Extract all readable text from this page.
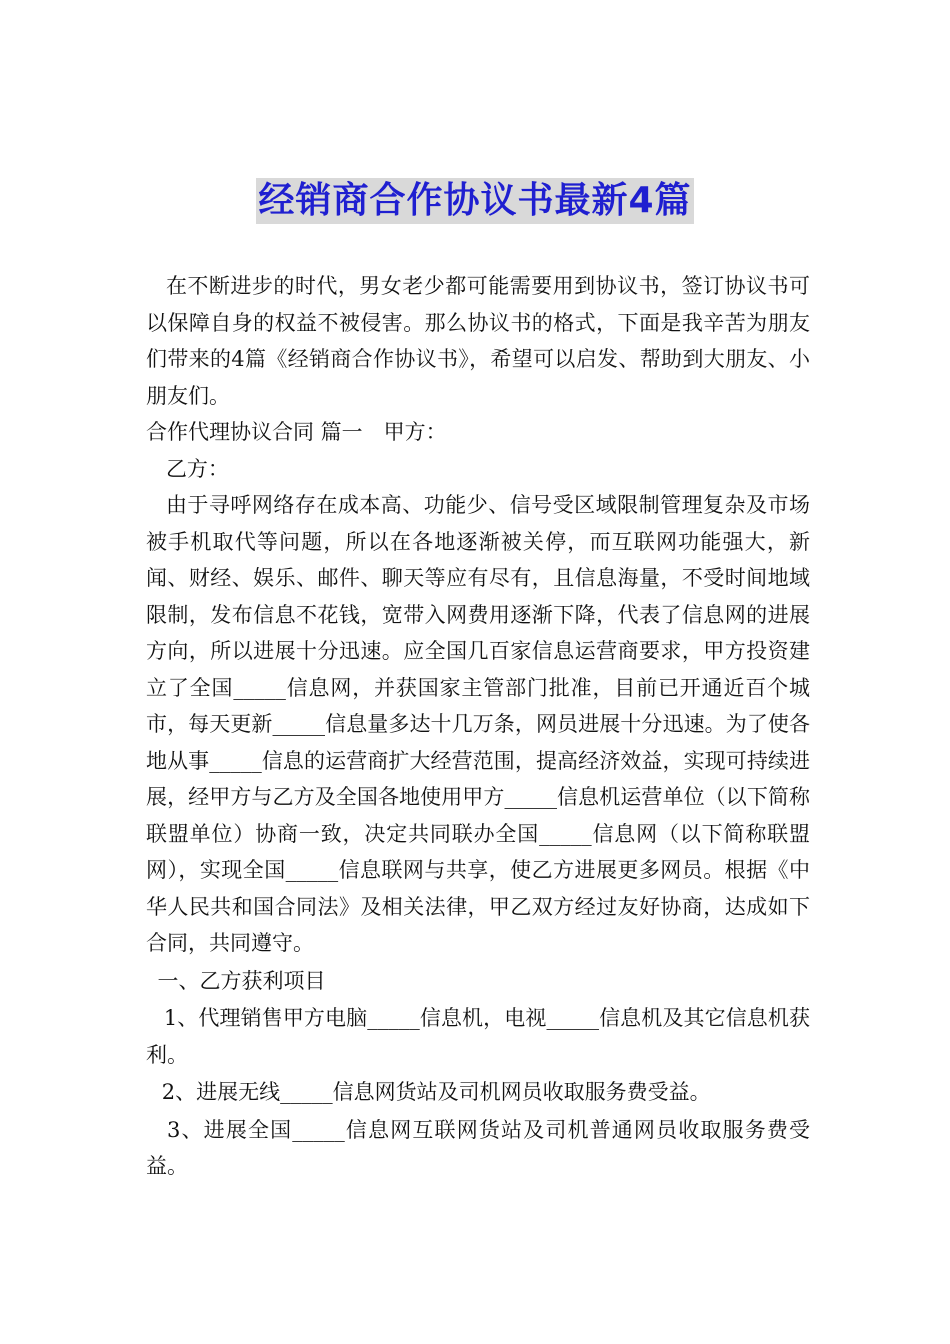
经销商合作协议书最新4篇

在不断进步的时代，男女老少都可能需要用到协议书，签订协议书可以保障自身的权益不被侵害。那么协议书的格式，下面是我辛苦为朋友们带来的4篇《经销商合作协议书》，希望可以启发、帮助到大朋友、小朋友们。

合作代理协议合同 篇一　甲方：

乙方：

由于寻呼网络存在成本高、功能少、信号受区域限制管理复杂及市场被手机取代等问题，所以在各地逐渐被关停，而互联网功能强大，新闻、财经、娱乐、邮件、聊天等应有尽有，且信息海量，不受时间地域限制，发布信息不花钱，宽带入网费用逐渐下降，代表了信息网的进展方向，所以进展十分迅速。应全国几百家信息运营商要求，甲方投资建立了全国_____信息网，并获国家主管部门批准，目前已开通近百个城市，每天更新_____信息量多达十几万条，网员进展十分迅速。为了使各地从事_____信息的运营商扩大经营范围，提高经济效益，实现可持续进展，经甲方与乙方及全国各地使用甲方_____信息机运营单位（以下简称联盟单位）协商一致，决定共同联办全国_____信息网（以下简称联盟网），实现全国_____信息联网与共享，使乙方进展更多网员。根据《中华人民共和国合同法》及相关法律，甲乙双方经过友好协商，达成如下合同，共同遵守。

一、乙方获利项目

1、代理销售甲方电脑_____信息机，电视_____信息机及其它信息机获利。

2、进展无线_____信息网货站及司机网员收取服务费受益。

3、进展全国_____信息网互联网货站及司机普通网员收取服务费受益。
